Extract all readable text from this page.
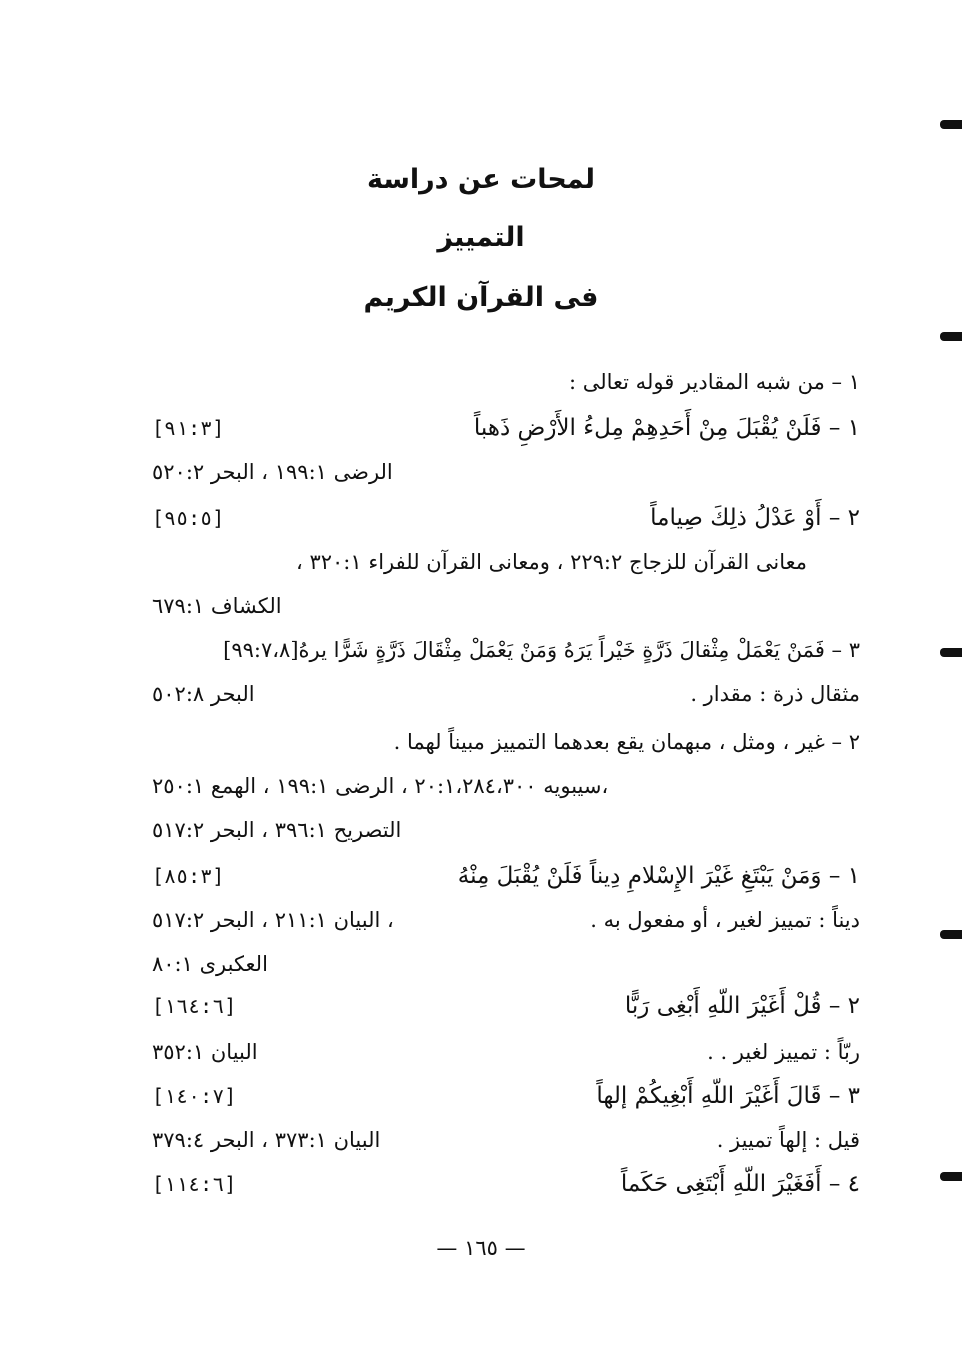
لمحات عن دراسة
التمييز
فى القرآن الكريم
١ – من شبه المقادير قوله تعالى :
١ – فَلَنْ يُقْبَلَ مِنْ أَحَدِهِمْ مِلءُ الأَرْضِ ذَهباً
[٩١:٣]
الرضى ١٩٩:١ ، البحر ٥٢٠:٢
٢ – أَوْ عَدْلُ ذلِكَ صِياماً
[٩٥:٥]
معانى القرآن للزجاج ٢٢٩:٢ ، ومعانى القرآن للفراء ٣٢٠:١ ،
الكشاف ٦٧٩:١
٣ – فَمَنْ يَعْمَلْ مِثْقالَ ذَرَّةٍ خَيْراً يَرَهُ وَمَنْ يَعْمَلْ مِثْقَالَ ذَرَّةٍ شَرًّا يرهُ[٩٩:٧،٨]
مثقال ذرة : مقدار .
البحر ٥٠٢:٨
٢ – غير ، ومثل ، مبهمان يقع بعدهما التمييز مبيناً لهما .
سيبويه ٢٠:١،٢٨٤،٣٠٠ ، الرضى ١٩٩:١ ، الهمع ٢٥٠:١،
التصريح ٣٩٦:١ ، البحر ٥١٧:٢
١ – وَمَنْ يَبْتَغِ غَيْرَ الإِسْلامِ دِيناً فَلَنْ يُقْبَلَ مِنْهُ
[٨٥:٣]
ديناً : تمييز لغير ، أو مفعول به .
البيان ٢١١:١ ، البحر ٥١٧:٢ ،
العكبرى ٨٠:١
٢ – قُلْ أَغَيْرَ اللّهِ أَبْغِى رَبًّا
[١٦٤:٦]
ربّاً : تمييز لغير . .
البيان ٣٥٢:١
٣ – قَالَ أَغَيْرَ اللّهِ أَبْغِيكُمْ إلهاً
[١٤٠:٧]
قيل : إلهاً تمييز .
البيان ٣٧٣:١ ، البحر ٣٧٩:٤
٤ – أَفَغَيْرَ اللّهِ أَبْتَغِى حَكَماً
[١١٤:٦]
— ١٦٥ —
